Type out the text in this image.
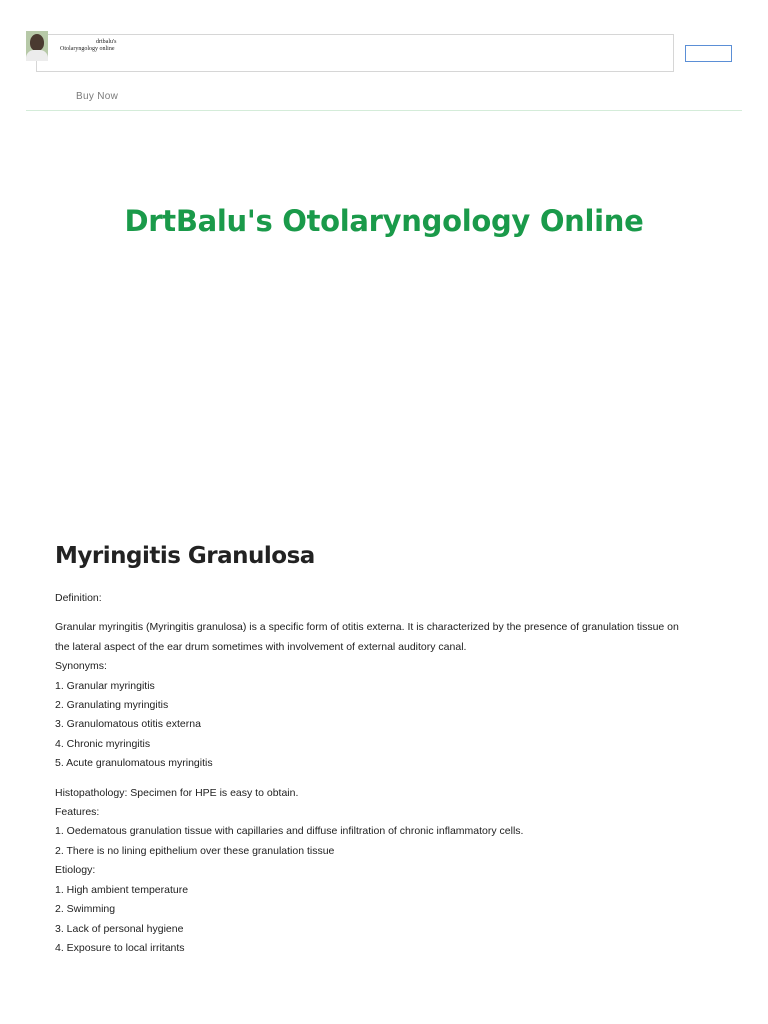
drtbalu's
Otolaryngology online
Buy Now
DrtBalu's Otolaryngology Online
Myringitis Granulosa

Definition:

Granular myringitis (Myringitis granulosa) is a specific form of otitis externa. It is characterized by the presence of granulation tissue on

the lateral aspect of the ear drum sometimes with involvement of external auditory canal.

Synonyms:

1. Granular myringitis

2. Granulating myringitis

3. Granulomatous otitis externa

4. Chronic myringitis

5. Acute granulomatous myringitis

Histopathology: Specimen for HPE is easy to obtain.

Features:

1. Oedematous granulation tissue with capillaries and diffuse infiltration of chronic inflammatory cells.

2. There is no lining epithelium over these granulation tissue

Etiology:

1. High ambient temperature

2. Swimming

3. Lack of personal hygiene

4. Exposure to local irritants
